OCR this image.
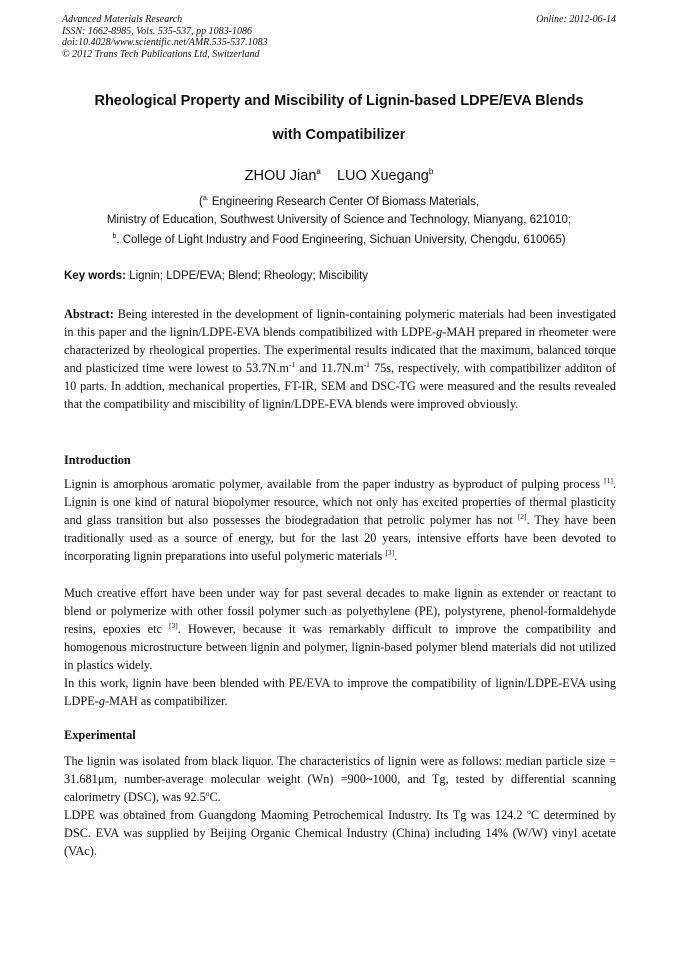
Advanced Materials Research
ISSN: 1662-8985, Vols. 535-537, pp 1083-1086
doi:10.4028/www.scientific.net/AMR.535-537.1083
© 2012 Trans Tech Publications Ltd, Switzerland
Online: 2012-06-14
Rheological Property and Miscibility of Lignin-based LDPE/EVA Blends
with Compatibilizer
ZHOU Jian$^a$ LUO Xuegang$^b$
($^{a.}$ Engineering Research Center Of Biomass Materials,
Ministry of Education, Southwest University of Science and Technology, Mianyang, 621010;
$^b$. College of Light Industry and Food Engineering, Sichuan University, Chengdu, 610065)
Key words: Lignin; LDPE/EVA; Blend; Rheology; Miscibility
Abstract: Being interested in the development of lignin-containing polymeric materials had been investigated in this paper and the lignin/LDPE-EVA blends compatibilized with LDPE-g-MAH prepared in rheometer were characterized by rheological properties. The experimental results indicated that the maximum, balanced torque and plasticized time were lowest to $53.7N.m^{-1}$ and $11.7N.m^{-1}$ 75s, respectively, with compatibilizer additon of 10 parts. In addtion, mechanical properties, FT-IR, SEM and DSC-TG were measured and the results revealed that the compatibility and miscibility of lignin/LDPE-EVA blends were improved obviously.
Introduction
Lignin is amorphous aromatic polymer, available from the paper industry as byproduct of pulping process [1]. Lignin is one kind of natural biopolymer resource, which not only has excited properties of thermal plasticity and glass transition but also possesses the biodegradation that petrolic polymer has not [2]. They have been traditionally used as a source of energy, but for the last 20 years, intensive efforts have been devoted to incorporating lignin preparations into useful polymeric materials [3].
Much creative effort have been under way for past several decades to make lignin as extender or reactant to blend or polymerize with other fossil polymer such as polyethylene (PE), polystyrene, phenol-formaldehyde resins, epoxies etc [3]. However, because it was remarkably difficult to improve the compatibility and homogenous microstructure between lignin and polymer, lignin-based polymer blend materials did not utilized in plastics widely.
In this work, lignin have been blended with PE/EVA to improve the compatibility of lignin/LDPE-EVA using LDPE-g-MAH as compatibilizer.
Experimental
The lignin was isolated from black liquor. The characteristics of lignin were as follows: median particle size = 31.681μm, number-average molecular weight (Wn) =900~1000, and Tg, tested by differential scanning calorimetry (DSC), was 92.5$^o$C.
LDPE was obtained from Guangdong Maoming Petrochemical Industry. Its Tg was 124.2 $^o$C determined by DSC. EVA was supplied by Beijing Organic Chemical Industry (China) including 14% (W/W) vinyl acetate (VAc).
